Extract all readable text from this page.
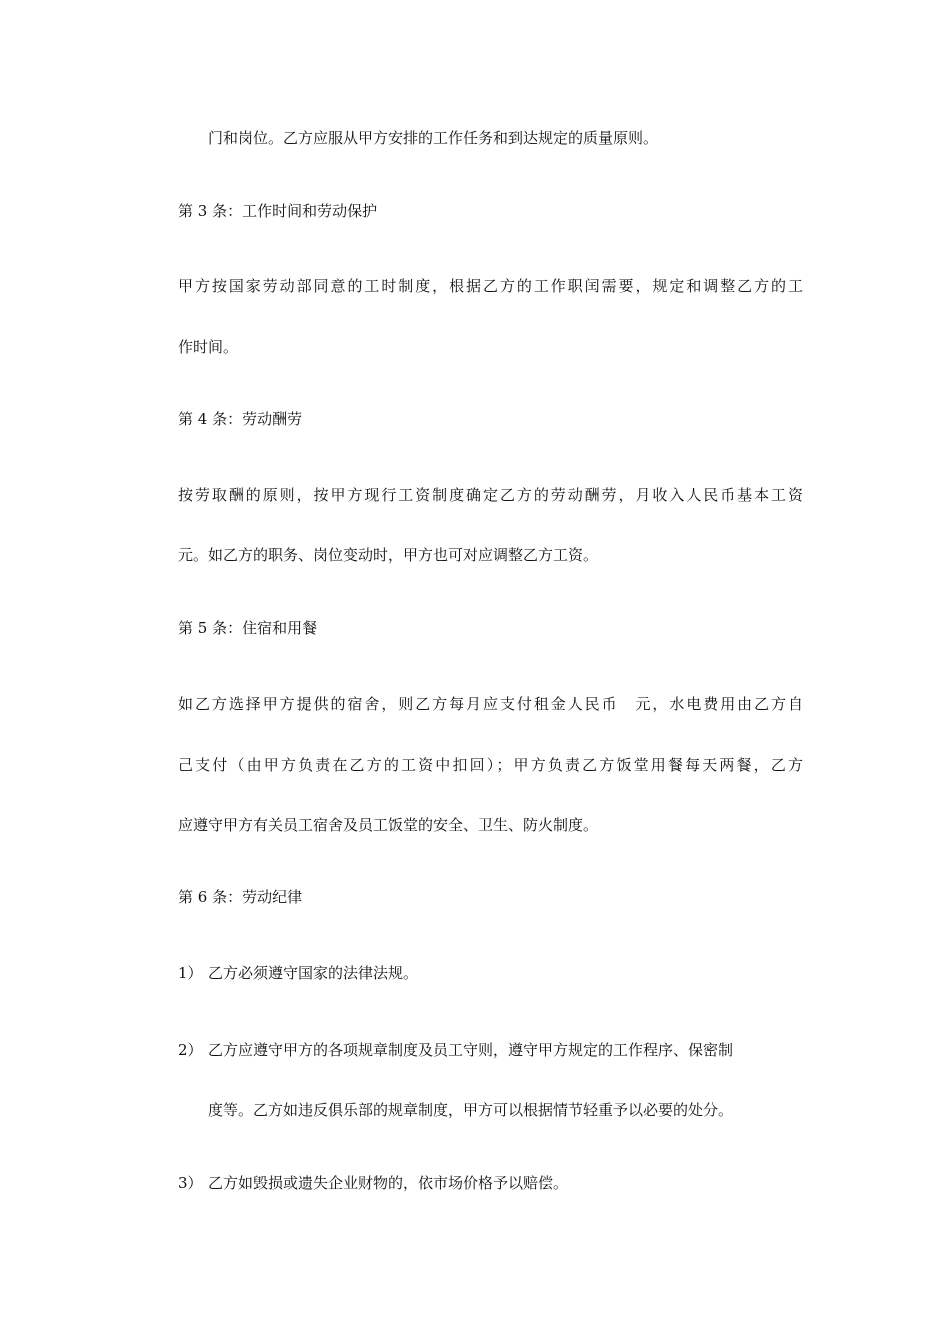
门和岗位。乙方应服从甲方安排的工作任务和到达规定的质量原则。

第 3 条：工作时间和劳动保护

甲方按国家劳动部同意的工时制度，根据乙方的工作职闰需要，规定和调整乙方的工

作时间。

第 4 条：劳动酬劳

按劳取酬的原则，按甲方现行工资制度确定乙方的劳动酬劳，月收入人民币基本工资

元。如乙方的职务、岗位变动时，甲方也可对应调整乙方工资。

第 5 条：住宿和用餐

如乙方选择甲方提供的宿舍，则乙方每月应支付租金人民币　元，水电费用由乙方自

己支付（由甲方负责在乙方的工资中扣回）；甲方负责乙方饭堂用餐每天两餐，乙方

应遵守甲方有关员工宿舍及员工饭堂的安全、卫生、防火制度。

第 6 条：劳动纪律

1） 乙方必须遵守国家的法律法规。

2） 乙方应遵守甲方的各项规章制度及员工守则，遵守甲方规定的工作程序、保密制

度等。乙方如违反俱乐部的规章制度，甲方可以根据情节轻重予以必要的处分。

3） 乙方如毁损或遗失企业财物的，依市场价格予以赔偿。
